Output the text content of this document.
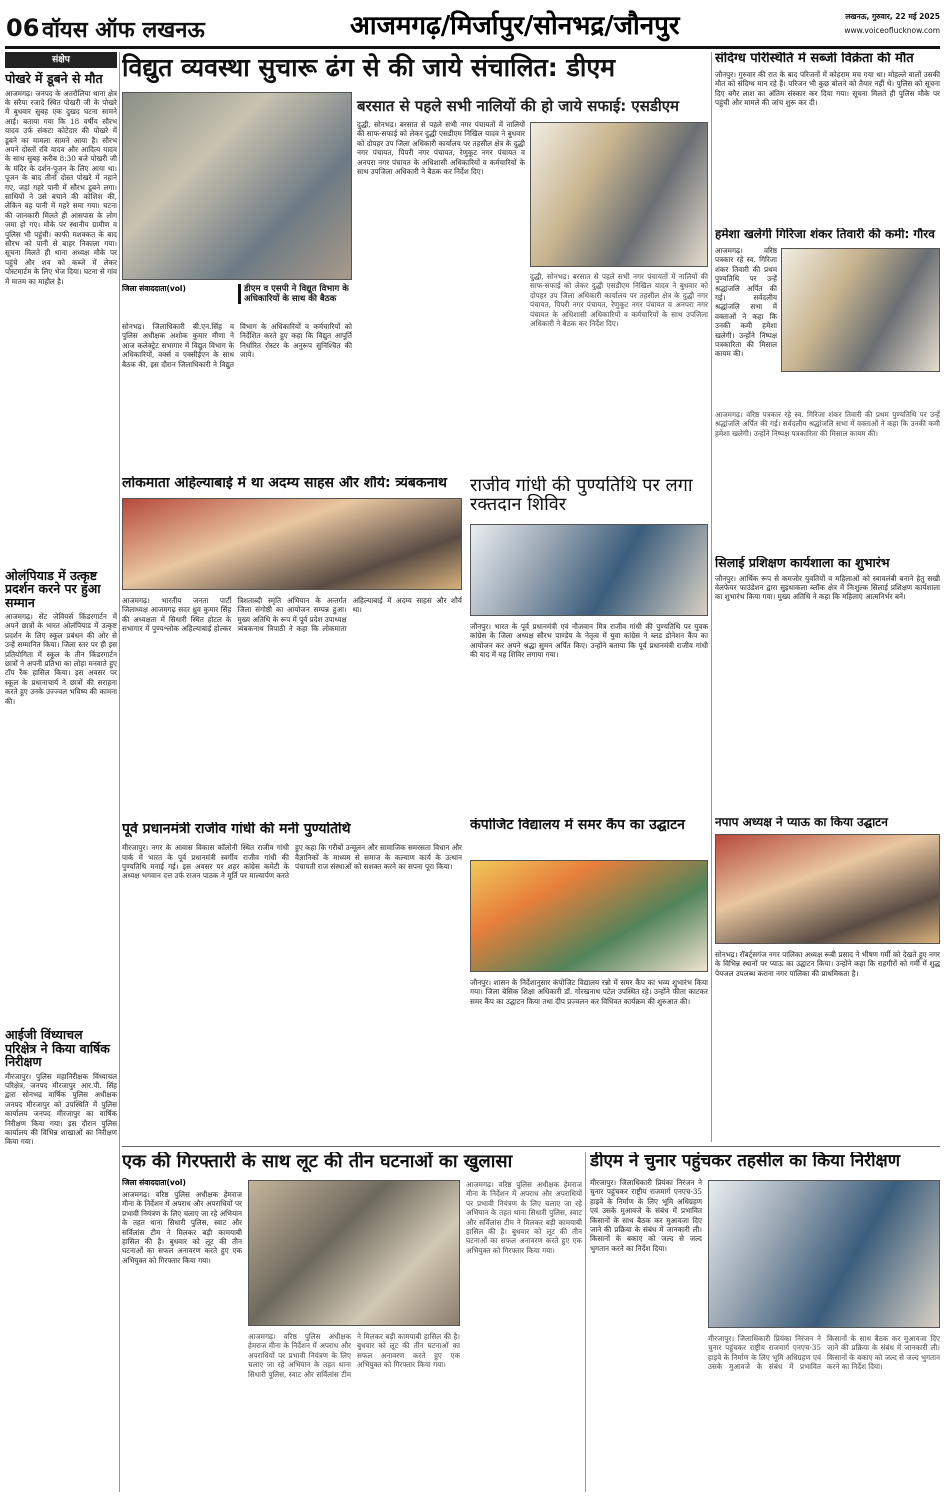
06 वॉयस ऑफ लखनऊ	आजमगढ़/मिर्जापुर/सोनभद्र/जौनपुर	लखनऊ, गुरुवार, 22 मई 2025
www.voiceoflucknow.com
संक्षेप
पोखरे में डूबने से मौत
आजमगढ़। जनपद के अतरौलिया थाना क्षेत्र के सरैया रजादे स्थित पोखरी जी के पोखरे में बुधवार सुबह एक दुखद घटना सामने आई। बताया गया कि 18 वर्षीय सौरभ यादव उर्फ संकटा कोटेदार की पोखरे में डूबने का मामला सामने आया है। सौरभ अपने दोस्तों रवि यादव और आदित्य यादव के साथ सुबह करीब 8:30 बजे पोखरी जी के मंदिर के दर्शन-पूजन के लिए आया था। पूजन के बाद तीनों दोस्त पोखरे में नहाने गए, जहां गहरे पानी में सौरभ डूबने लगा। साथियों ने उसे बचाने की कोशिश की, लेकिन वह पानी में गहरे समा गया। घटना की जानकारी मिलते ही आसपास के लोग जमा हो गए। मौके पर स्थानीय ग्रामीण व पुलिस भी पहुंची। काफी मशक्कत के बाद सौरभ को पानी से बाहर निकाला गया। सूचना मिलते ही थाना अध्यक्ष मौके पर पहुंचे और शव को कब्जे में लेकर पोस्टमार्टम के लिए भेज दिया। घटना से गांव में मातम का माहौल है।
ओलंपियाड में उत्कृष्ट प्रदर्शन करने पर हुआ सम्मान
आजमगढ़। सेंट जेवियर्स किंडरगार्टन में अपने छात्रों के भारत ओलंपियाड में उत्कृष्ट प्रदर्शन के लिए स्कूल प्रबंधन की ओर से उन्हें सम्मानित किया। जिला स्तर पर ही इस प्रतियोगिता में स्कूल के तीन किंडरगार्टन छात्रों ने अपनी प्रतिभा का लोहा मनवाते हुए टॉप रैंक हासिल किया। इस अवसर पर स्कूल के प्रधानाचार्य ने छात्रों की सराहना करते हुए उनके उज्ज्वल भविष्य की कामना की।
आईजी विंध्याचल परिक्षेत्र ने किया वार्षिक निरीक्षण
मीरजापुर। पुलिस महानिरीक्षक विंध्याचल परिक्षेत्र, जनपद मीरजापुर आर.पी. सिंह द्वारा सोनभद्र वार्षिक पुलिस अधीक्षक जनपद मीरजापुर को उपस्थिति में पुलिस कार्यालय जनपद मीरजापुर का वार्षिक निरीक्षण किया गया। इस दौरान पुलिस कार्यालय की विभिन्न शाखाओं का निरीक्षण किया गया।
विद्युत व्यवस्था सुचारू ढंग से की जाये संचालित: डीएम
बरसात से पहले सभी नालियों की हो जाये सफाई: एसडीएम
दुद्धी, सोनभद्र। बरसात से पहले सभी नगर पंचायतों में नालियों की साफ-सफाई को लेकर दुद्धी एसडीएम निखिल यादव ने बुधवार को दोपहर उप जिला अधिकारी कार्यालय पर तहसील क्षेत्र के दुद्धी नगर पंचायत, पिपरी नगर पंचायत, रेणुकूट नगर पंचायत व अनपरा नगर पंचायत के अधिशासी अधिकारियों व कर्मचारियों के साथ उपजिला अधिकारी ने बैठक कर निर्देश दिए।
दुद्धी, सोनभद्र। बरसात से पहले सभी नगर पंचायतों में नालियों की साफ-सफाई को लेकर दुद्धी एसडीएम निखिल यादव ने बुधवार को दोपहर उप जिला अधिकारी कार्यालय पर तहसील क्षेत्र के दुद्धी नगर पंचायत, पिपरी नगर पंचायत, रेणुकूट नगर पंचायत व अनपरा नगर पंचायत के अधिशासी अधिकारियों व कर्मचारियों के साथ उपजिला अधिकारी ने बैठक कर निर्देश दिए।
जिला संवाददाता(vol)	डीएम व एसपी ने विद्युत विभाग के अधिकारियों के साथ की बैठक
सोनभद्र। जिलाधिकारी बी.एन.सिंह व पुलिस अधीक्षक अशोक कुमार मीणा ने आज कलेक्ट्रेट सभागार में विद्युत विभाग के अधिकारियों, वर्क्स व एक्सीईएन के साथ बैठक की, इस दौरान जिलाधिकारी ने विद्युत विभाग के अधिकारियों व कर्मचारियों को निर्देशित करते हुए कहा कि विद्युत आपूर्ति निर्धारित रोस्टर के अनुरूप सुनिश्चित की जाये।
लोकमाता अहिल्याबाई में था अदम्य साहस और शौर्य: त्र्यंबकनाथ
आजमगढ़। भारतीय जनता पार्टी जिलाध्यक्ष आजमगढ़ सदर ध्रुव कुमार सिंह की अध्यक्षता में सिधारी स्थित होटल के सभागार में पुण्यश्लोक अहिल्याबाई होल्कर त्रिशताब्दी स्मृति अभियान के अन्तर्गत जिला संगोष्ठी का आयोजन सम्पन्न हुआ। मुख्य अतिथि के रूप में पूर्व प्रदेश उपाध्यक्ष त्र्यंबकनाथ त्रिपाठी ने कहा कि लोकमाता अहिल्याबाई में अदम्य साहस और शौर्य था।
पूर्व प्रधानमंत्री राजीव गांधी की मनी पुण्यतिथि
मीरजापुर। नगर के आवास विकास कॉलोनी स्थित राजीव गांधी पार्क में भारत के पूर्व प्रधानमंत्री स्वर्गीय राजीव गांधी की पुण्यतिथि मनाई गई। इस अवसर पर शहर कांग्रेस कमेटी के अध्यक्ष भगवान दत्त उर्फ राजन पाठक ने मूर्ति पर माल्यार्पण करते हुए कहा कि गरीबों उन्मूलन और सामाजिक समरसता विधान और वैज्ञानिकों के माध्यम से समाज के कल्याण कार्य के उत्थान पंचायती राज संस्थाओं को सशक्त करने का सपना पूरा किया।
राजीव गांधी की पुण्यतिथि पर लगा रक्तदान शिविर
जौनपुर। भारत के पूर्व प्रधानमंत्री एवं नौजवान मित्र राजीव गांधी की पुण्यतिथि पर युवक कांग्रेस के जिला अध्यक्ष सौरभ पाण्डेय के नेतृत्व में युवा कांग्रेस ने ब्लड डोनेशन कैंप का आयोजन कर अपने श्रद्धा सुमन अर्पित किए। उन्होंने बताया कि पूर्व प्रधानमंत्री राजीव गांधी की याद में यह शिविर लगाया गया।
कंपोजिट विद्यालय में समर कैंप का उद्घाटन
जौनपुर। शासन के निर्देशानुसार कंपोजिट विद्यालय रन्नो में समर कैंप का भव्य शुभारंभ किया गया। जिला बेसिक शिक्षा अधिकारी डॉ. गोरखनाथ पटेल उपस्थित रहे। उन्होंने फीता काटकर समर कैंप का उद्घाटन किया तथा दीप प्रज्वलन कर विधिवत कार्यक्रम की शुरुआत की।
एक की गिरफ्तारी के साथ लूट की तीन घटनाओं का खुलासा
जिला संवाददाता(vol)
आजमगढ़। वरिष्ठ पुलिस अधीक्षक हेमराज मीना के निर्देशन में अपराध और अपराधियों पर प्रभावी नियंत्रण के लिए चलाए जा रहे अभियान के तहत थाना सिधारी पुलिस, स्वाट और सर्विलांस टीम ने मिलकर बड़ी कामयाबी हासिल की है। बुधवार को लूट की तीन घटनाओं का सफल अनावरण करते हुए एक अभियुक्त को गिरफ्तार किया गया।
आजमगढ़। वरिष्ठ पुलिस अधीक्षक हेमराज मीना के निर्देशन में अपराध और अपराधियों पर प्रभावी नियंत्रण के लिए चलाए जा रहे अभियान के तहत थाना सिधारी पुलिस, स्वाट और सर्विलांस टीम ने मिलकर बड़ी कामयाबी हासिल की है। बुधवार को लूट की तीन घटनाओं का सफल अनावरण करते हुए एक अभियुक्त को गिरफ्तार किया गया।
आजमगढ़। वरिष्ठ पुलिस अधीक्षक हेमराज मीना के निर्देशन में अपराध और अपराधियों पर प्रभावी नियंत्रण के लिए चलाए जा रहे अभियान के तहत थाना सिधारी पुलिस, स्वाट और सर्विलांस टीम ने मिलकर बड़ी कामयाबी हासिल की है। बुधवार को लूट की तीन घटनाओं का सफल अनावरण करते हुए एक अभियुक्त को गिरफ्तार किया गया।
संदिग्ध परिस्थिति में सब्जी विक्रेता की मौत
जौनपुर। गुरुवार की रात के बाद परिजनों में कोहराम मच गया था। मोहल्ले वालों उसकी मौत को संदिग्ध मान रहे हैं। परिजन भी कुछ बोलने को तैयार नहीं थे। पुलिस को सूचना दिए बगैर लाश का अंतिम संस्कार कर दिया गया। सूचना मिलते ही पुलिस मौके पर पहुंची और मामले की जांच शुरू कर दी।
हमेशा खलेगी गिरिजा शंकर तिवारी की कमी: गौरव
आजमगढ़। वरिष्ठ पत्रकार रहे स्व. गिरिजा शंकर तिवारी की प्रथम पुण्यतिथि पर उन्हें श्रद्धांजलि अर्पित की गई। सर्वदलीय श्रद्धांजलि सभा में वक्ताओं ने कहा कि उनकी कमी हमेशा खलेगी। उन्होंने निष्पक्ष पत्रकारिता की मिसाल कायम की।
आजमगढ़। वरिष्ठ पत्रकार रहे स्व. गिरिजा शंकर तिवारी की प्रथम पुण्यतिथि पर उन्हें श्रद्धांजलि अर्पित की गई। सर्वदलीय श्रद्धांजलि सभा में वक्ताओं ने कहा कि उनकी कमी हमेशा खलेगी। उन्होंने निष्पक्ष पत्रकारिता की मिसाल कायम की।
सिलाई प्रशिक्षण कार्यशाला का शुभारंभ
जौनपुर। आर्थिक रूप से कमजोर युवतियों व महिलाओं को स्वावलंबी बनाने हेतु सखी वेलफेयर फाउंडेशन द्वारा सुइथाकला ब्लॉक क्षेत्र में निःशुल्क सिलाई प्रशिक्षण कार्यशाला का शुभारंभ किया गया। मुख्य अतिथि ने कहा कि महिलाएं आत्मनिर्भर बनें।
नपाप अध्यक्ष ने प्याऊ का किया उद्घाटन
सोनभद्र। रॉबर्ट्सगंज नगर पालिका अध्यक्ष रूबी प्रसाद ने भीषण गर्मी को देखते हुए नगर के विभिन्न स्थानों पर प्याऊ का उद्घाटन किया। उन्होंने कहा कि राहगीरों को गर्मी में शुद्ध पेयजल उपलब्ध कराना नगर पालिका की प्राथमिकता है।
डीएम ने चुनार पहुंचकर तहसील का किया निरीक्षण
मीरजापुर। जिलाधिकारी प्रियंका निरंजन ने चुनार पहुंचकर राष्ट्रीय राजमार्ग एनएच-35 हाइवे के निर्माण के लिए भूमि अधिग्रहण एवं उसके मुआवजे के संबंध में प्रभावित किसानों के साथ बैठक कर मुआवजा दिए जाने की प्रक्रिया के संबंध में जानकारी ली। किसानों के बकाए को जल्द से जल्द भुगतान करने का निर्देश दिया।
मीरजापुर। जिलाधिकारी प्रियंका निरंजन ने चुनार पहुंचकर राष्ट्रीय राजमार्ग एनएच-35 हाइवे के निर्माण के लिए भूमि अधिग्रहण एवं उसके मुआवजे के संबंध में प्रभावित किसानों के साथ बैठक कर मुआवजा दिए जाने की प्रक्रिया के संबंध में जानकारी ली। किसानों के बकाए को जल्द से जल्द भुगतान करने का निर्देश दिया।
